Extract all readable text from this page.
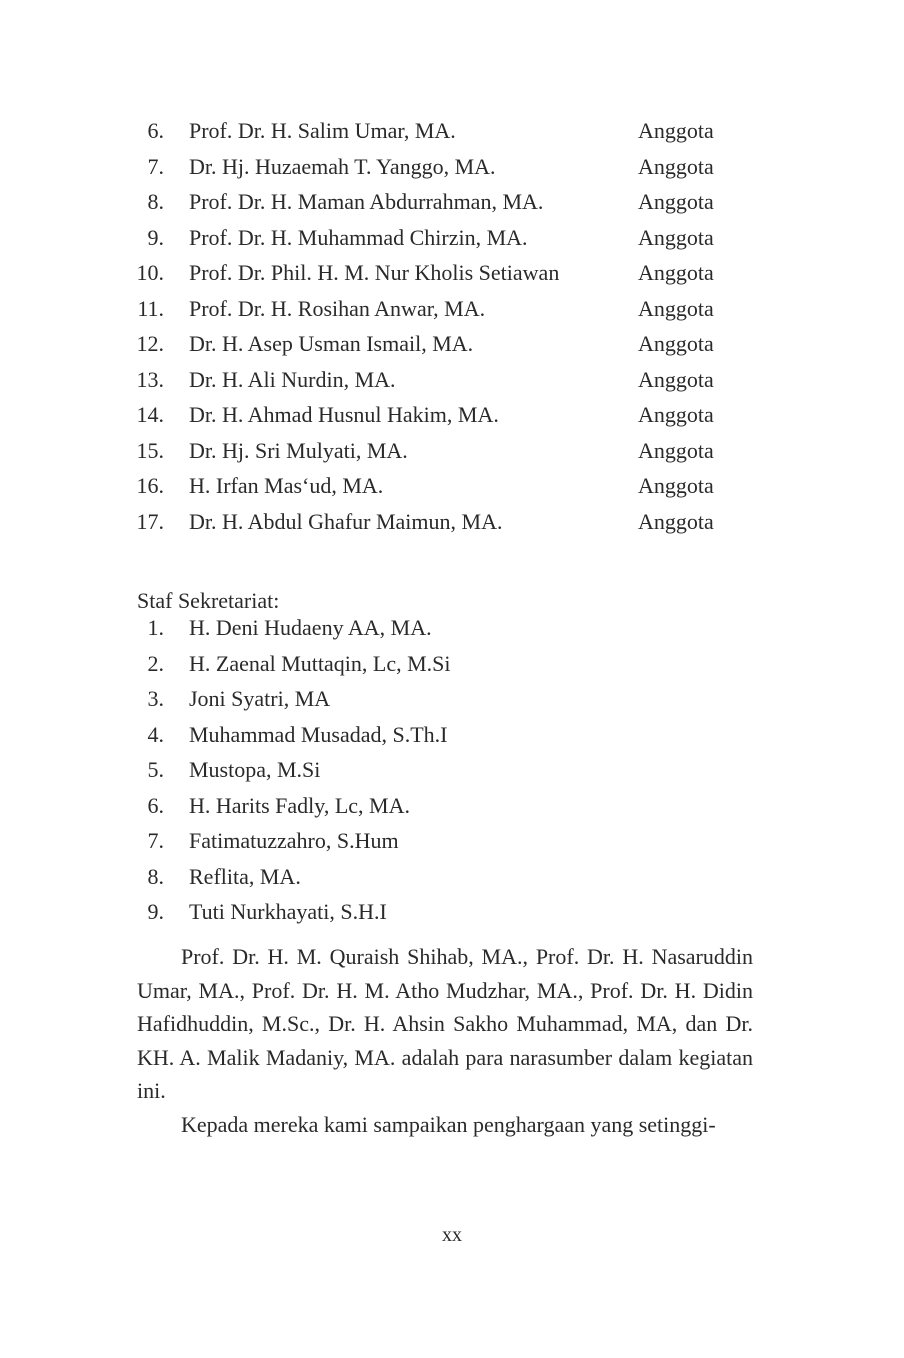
6. Prof. Dr. H. Salim Umar, MA.	Anggota
7. Dr. Hj. Huzaemah T. Yanggo, MA.	Anggota
8. Prof. Dr. H. Maman Abdurrahman, MA.	Anggota
9. Prof. Dr. H. Muhammad Chirzin, MA.	Anggota
10. Prof. Dr. Phil. H. M. Nur Kholis Setiawan	Anggota
11. Prof. Dr. H. Rosihan Anwar, MA.	Anggota
12. Dr. H. Asep Usman Ismail, MA.	Anggota
13. Dr. H. Ali Nurdin, MA.	Anggota
14. Dr. H. Ahmad Husnul Hakim, MA.	Anggota
15. Dr. Hj. Sri Mulyati, MA.	Anggota
16. H. Irfan Mas‘ud, MA.	Anggota
17. Dr. H. Abdul Ghafur Maimun, MA.	Anggota
Staf Sekretariat:
1. H. Deni Hudaeny AA, MA.
2. H. Zaenal Muttaqin, Lc, M.Si
3. Joni Syatri, MA
4. Muhammad Musadad, S.Th.I
5. Mustopa, M.Si
6. H. Harits Fadly, Lc, MA.
7. Fatimatuzzahro, S.Hum
8. Reflita, MA.
9. Tuti Nurkhayati, S.H.I

Prof. Dr. H. M. Quraish Shihab, MA., Prof. Dr. H. Nasaruddin Umar, MA., Prof. Dr. H. M. Atho Mudzhar, MA., Prof. Dr. H. Didin Hafidhuddin, M.Sc., Dr. H. Ahsin Sakho Muhammad, MA, dan Dr. KH. A. Malik Madaniy, MA. adalah para narasumber dalam kegiatan ini.

Kepada mereka kami sampaikan penghargaan yang setinggi-

xx
